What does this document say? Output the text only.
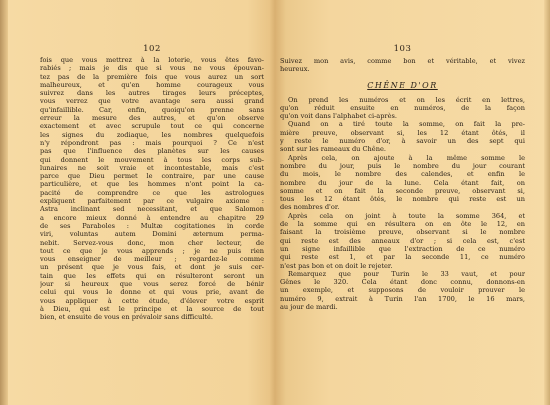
102
fois que vous mettrez à la loterie, vous êtes favo-
rabiés ; mais je dis que si vous ne vous épouvan-
tez pas de la première fois que vous aurez un sort
malheureux, et qu'en homme courageux vous
suivrez dans les autres tirages leurs préceptes,
vous verrez que votre avantage sera aussi grand
qu'infaillible. Car, enfin, quoiqu'on prenne sans
erreur la mesure des autres, et qu'on observe
exactement et avec scrupule tout ce qui concerne
les signes du zodiaque, les nombres quelquefois
n'y répondront pas : mais pourquoi ? Ce n'est
pas que l'influence des planètes sur les causes
qui donnent le mouvement à tous les corps sub-
lunaires ne soit vraie et incontestable, mais c'est
parce que Dieu permet le contraire, par une cause
particulière, et que les hommes n'ont point la ca-
pacité de comprendre ce que les astrologues
expliquent parfaitement par ce vulgaire axiome :
Astra inclinant sed necessitant, et que Salomon
a encore mieux donné à entendre au chapitre 29
de ses Paraboles : Multæ cogitationes in corde
viri, voluntas autem Domini æternum perma-
nebit. Servez-vous donc, mon cher lecteur, de
tout ce que je vous apprends ; je ne puis rien
vous enseigner de meilleur ; regardez-le comme
un présent que je vous fais, et dont je suis cer-
tain que les effets qui en résulteront seront un
jour si heureux que vous serez forcé de bénir
celui qui vous le donne et qui vous prie, avant de
vous appliquer à cette étude, d'élever votre esprit
à Dieu, qui est le principe et la source de tout
bien, et ensuite de vous en prévaloir sans difficulté.
103
Suivez mon avis, comme bon et véritable, et vivez
heureux.
CHÊNE D'OR
On prend les numéros et on les écrit en lettres,
qu'on réduit ensuite en numéros, de la façon
qu'on voit dans l'alphabet ci-après.
Quand on a tiré toute la somme, on fait la pre-
mière preuve, observant si, les 12 étant ôtés, il
y reste le numéro d'or, à savoir un des sept qui
sont sur les rameaux du Chêne.
Après cela, on ajoute à la même somme le
nombre du jour, puis le nombre du jour courant
du mois, le nombre des calendes, et enfin le
nombre du jour de la lune. Cela étant fait, on
somme et on fait la seconde preuve, observant si,
tous les 12 étant ôtés, le nombre qui reste est un
des nombres d'or.
Après cela on joint à toute la somme 364, et
de la somme qui en résultera on en ôte le 12, en
faisant la troisième preuve, observant si le nombre
qui reste est des anneaux d'or ; si cela est, c'est
un signe infaillible que l'extraction de ce numéro
qui reste est 1, et par la seconde 11, ce numéro
n'est pas bon et on doit le rejeter.
Remarquez que pour Turin le 33 vaut, et pour
Gênes le 320. Cela étant donc connu, donnons-en
un exemple, et supposons de vouloir prouver le
numéro 9, extrait à Turin l'an 1700, le 16 mars,
au jour de mardi.
